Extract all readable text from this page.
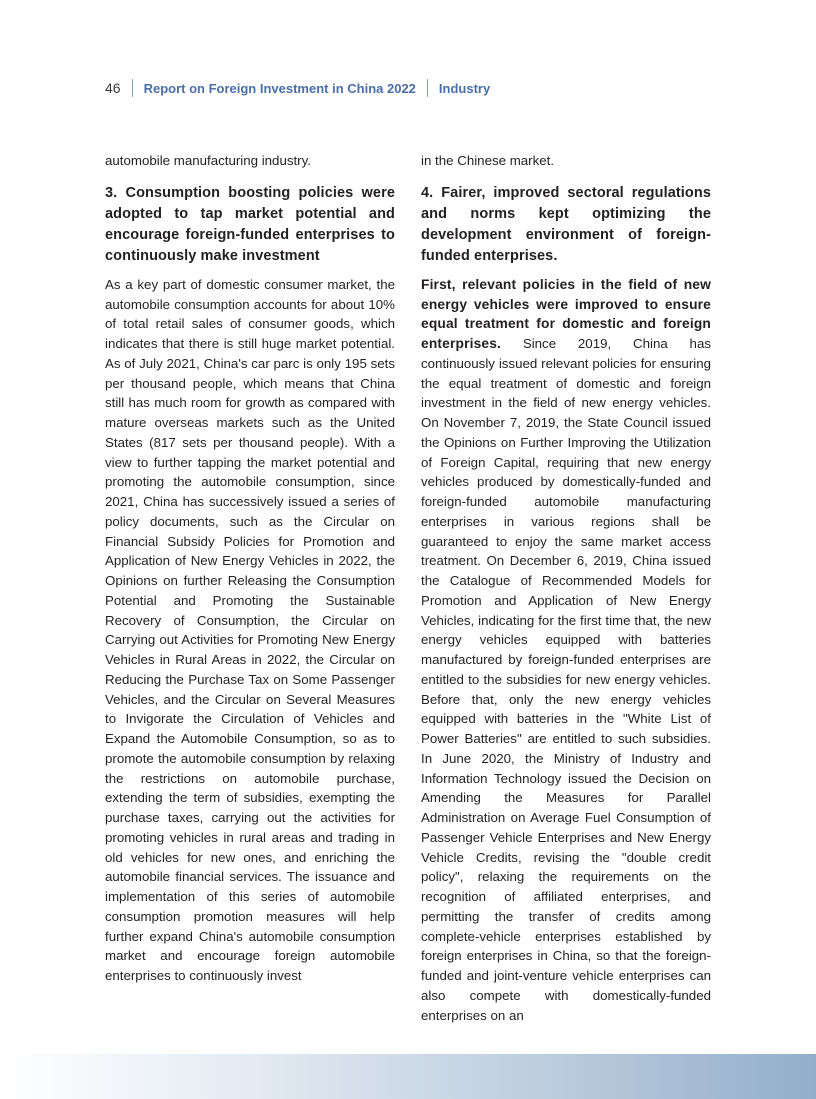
46 Report on Foreign Investment in China 2022 Industry

automobile manufacturing industry.

3. Consumption boosting policies were adopted to tap market potential and encourage foreign-funded enterprises to continuously make investment

As a key part of domestic consumer market, the automobile consumption accounts for about 10% of total retail sales of consumer goods, which indicates that there is still huge market potential. As of July 2021, China's car parc is only 195 sets per thousand people, which means that China still has much room for growth as compared with mature overseas markets such as the United States (817 sets per thousand people). With a view to further tapping the market potential and promoting the automobile consumption, since 2021, China has successively issued a series of policy documents, such as the Circular on Financial Subsidy Policies for Promotion and Application of New Energy Vehicles in 2022, the Opinions on further Releasing the Consumption Potential and Promoting the Sustainable Recovery of Consumption, the Circular on Carrying out Activities for Promoting New Energy Vehicles in Rural Areas in 2022, the Circular on Reducing the Purchase Tax on Some Passenger Vehicles, and the Circular on Several Measures to Invigorate the Circulation of Vehicles and Expand the Automobile Consumption, so as to promote the automobile consumption by relaxing the restrictions on automobile purchase, extending the term of subsidies, exempting the purchase taxes, carrying out the activities for promoting vehicles in rural areas and trading in old vehicles for new ones, and enriching the automobile financial services. The issuance and implementation of this series of automobile consumption promotion measures will help further expand China's automobile consumption market and encourage foreign automobile enterprises to continuously invest

in the Chinese market.

4. Fairer, improved sectoral regulations and norms kept optimizing the development environment of foreign-funded enterprises.

First, relevant policies in the field of new energy vehicles were improved to ensure equal treatment for domestic and foreign enterprises. Since 2019, China has continuously issued relevant policies for ensuring the equal treatment of domestic and foreign investment in the field of new energy vehicles. On November 7, 2019, the State Council issued the Opinions on Further Improving the Utilization of Foreign Capital, requiring that new energy vehicles produced by domestically-funded and foreign-funded automobile manufacturing enterprises in various regions shall be guaranteed to enjoy the same market access treatment. On December 6, 2019, China issued the Catalogue of Recommended Models for Promotion and Application of New Energy Vehicles, indicating for the first time that, the new energy vehicles equipped with batteries manufactured by foreign-funded enterprises are entitled to the subsidies for new energy vehicles. Before that, only the new energy vehicles equipped with batteries in the "White List of Power Batteries" are entitled to such subsidies. In June 2020, the Ministry of Industry and Information Technology issued the Decision on Amending the Measures for Parallel Administration on Average Fuel Consumption of Passenger Vehicle Enterprises and New Energy Vehicle Credits, revising the "double credit policy", relaxing the requirements on the recognition of affiliated enterprises, and permitting the transfer of credits among complete-vehicle enterprises established by foreign enterprises in China, so that the foreign-funded and joint-venture vehicle enterprises can also compete with domestically-funded enterprises on an
